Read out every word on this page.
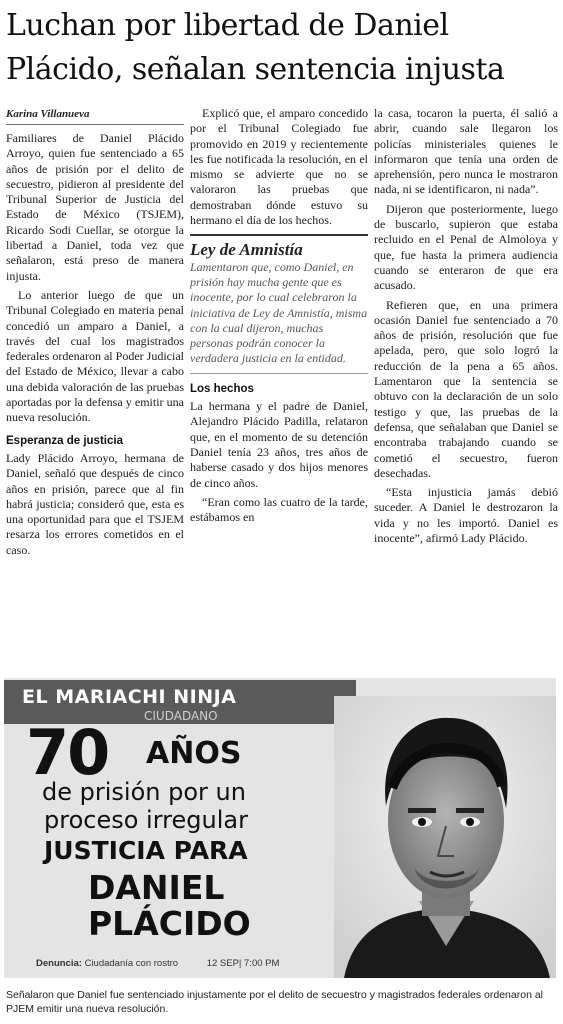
Luchan por libertad de Daniel Plácido, señalan sentencia injusta
Karina Villanueva

Familiares de Daniel Plácido Arroyo, quien fue sentenciado a 65 años de prisión por el delito de secuestro, pidieron al presidente del Tribunal Superior de Justicia del Estado de México (TSJEM), Ricardo Sodi Cuellar, se otorgue la libertad a Daniel, toda vez que señalaron, está preso de manera injusta.

Lo anterior luego de que un Tribunal Colegiado en materia penal concedió un amparo a Daniel, a través del cual los magistrados federales ordenaron al Poder Judicial del Estado de México, llevar a cabo una debida valoración de las pruebas aportadas por la defensa y emitir una nueva resolución.

Esperanza de justicia

Lady Plácido Arroyo, hermana de Daniel, señaló que después de cinco años en prisión, parece que al fin habrá justicia; consideró que, esta es una oportunidad para que el TSJEM resarza los errores cometidos en el caso.

Explicó que, el amparo concedido por el Tribunal Colegiado fue promovido en 2019 y recientemente les fue notificada la resolución, en el mismo se advierte que no se valoraron las pruebas que demostraban dónde estuvo su hermano el día de los hechos.

Ley de Amnistía
Lamentaron que, como Daniel, en prisión hay mucha gente que es inocente, por lo cual celebraron la iniciativa de Ley de Amnistía, misma con la cual dijeron, muchas personas podrán conocer la verdadera justicia en la entidad.
Los hechos

La hermana y el padre de Daniel, Alejandro Plácido Padilla, relataron que, en el momento de su detención Daniel tenía 23 años, tres años de haberse casado y dos hijos menores de cinco años.

“Eran como las cuatro de la tarde, estábamos en

la casa, tocaron la puerta, él salió a abrir, cuando sale llegaron los policías ministeriales quienes le informaron que tenía una orden de aprehensión, pero nunca le mostraron nada, ni se identificaron, ni nada”.

Dijeron que posteriormente, luego de buscarlo, supieron que estaba recluido en el Penal de Almoloya y que, fue hasta la primera audiencia cuando se enteraron de que era acusado.

Refieren que, en una primera ocasión Daniel fue sentenciado a 70 años de prisión, resolución que fue apelada, pero, que solo logró la reducción de la pena a 65 años. Lamentaron que la sentencia se obtuvo con la declaración de un solo testigo y que, las pruebas de la defensa, que señalaban que Daniel se encontraba trabajando cuando se cometió el secuestro, fueron desechadas.

“Esta injusticia jamás debió suceder. A Daniel le destrozaron la vida y no les importó. Daniel es inocente”, afirmó Lady Plácido.

EL MARIACHI NINJA
CIUDADANO
70 AÑOS
de prisión por un
proceso irregular
JUSTICIA PARA
DANIEL
PLÁCIDO
Denuncia: Ciudadanía con rostro	12 SEP| 7:00 PM
Señalaron que Daniel fue sentenciado injustamente por el delito de secuestro y magistrados federales ordenaron al PJEM emitir una nueva resolución.
